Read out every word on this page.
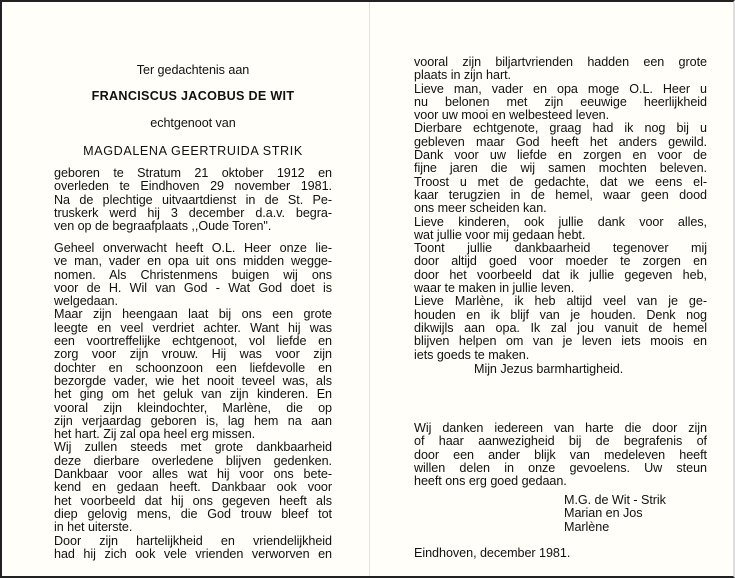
Ter gedachtenis aan
FRANCISCUS JACOBUS DE WIT
echtgenoot van
MAGDALENA GEERTRUIDA STRIK
geboren te Stratum 21 oktober 1912 en
overleden te Eindhoven 29 november 1981.
Na de plechtige uitvaartdienst in de St. Pe-
truskerk werd hij 3 december d.a.v. begra-
ven op de begraafplaats ,,Oude Toren".
Geheel onverwacht heeft O.L. Heer onze lie-
ve man, vader en opa uit ons midden wegge-
nomen. Als Christenmens buigen wij ons
voor de H. Wil van God - Wat God doet is
welgedaan.
Maar zijn heengaan laat bij ons een grote
leegte en veel verdriet achter. Want hij was
een voortreffelijke echtgenoot, vol liefde en
zorg voor zijn vrouw. Hij was voor zijn
dochter en schoonzoon een liefdevolle en
bezorgde vader, wie het nooit teveel was, als
het ging om het geluk van zijn kinderen. En
vooral zijn kleindochter, Marlène, die op
zijn verjaardag geboren is, lag hem na aan
het hart. Zij zal opa heel erg missen.
Wij zullen steeds met grote dankbaarheid
deze dierbare overledene blijven gedenken.
Dankbaar voor alles wat hij voor ons bete-
kend en gedaan heeft. Dankbaar ook voor
het voorbeeld dat hij ons gegeven heeft als
diep gelovig mens, die God trouw bleef tot
in het uiterste.
Door zijn hartelijkheid en vriendelijkheid
had hij zich ook vele vrienden verworven en
vooral zijn biljartvrienden hadden een grote
plaats in zijn hart.
Lieve man, vader en opa moge O.L. Heer u
nu belonen met zijn eeuwige heerlijkheid
voor uw mooi en welbesteed leven.
Dierbare echtgenote, graag had ik nog bij u
gebleven maar God heeft het anders gewild.
Dank voor uw liefde en zorgen en voor de
fijne jaren die wij samen mochten beleven.
Troost u met de gedachte, dat we eens el-
kaar terugzien in de hemel, waar geen dood
ons meer scheiden kan.
Lieve kinderen, ook jullie dank voor alles,
wat jullie voor mij gedaan hebt.
Toont jullie dankbaarheid tegenover mij
door altijd goed voor moeder te zorgen en
door het voorbeeld dat ik jullie gegeven heb,
waar te maken in jullie leven.
Lieve Marlène, ik heb altijd veel van je ge-
houden en ik blijf van je houden. Denk nog
dikwijls aan opa. Ik zal jou vanuit de hemel
blijven helpen om van je leven iets moois en
iets goeds te maken.
Mijn Jezus barmhartigheid.
Wij danken iedereen van harte die door zijn
of haar aanwezigheid bij de begrafenis of
door een ander blijk van medeleven heeft
willen delen in onze gevoelens. Uw steun
heeft ons erg goed gedaan.
M.G. de Wit - Strik
Marian en Jos
Marlène
Eindhoven, december 1981.
